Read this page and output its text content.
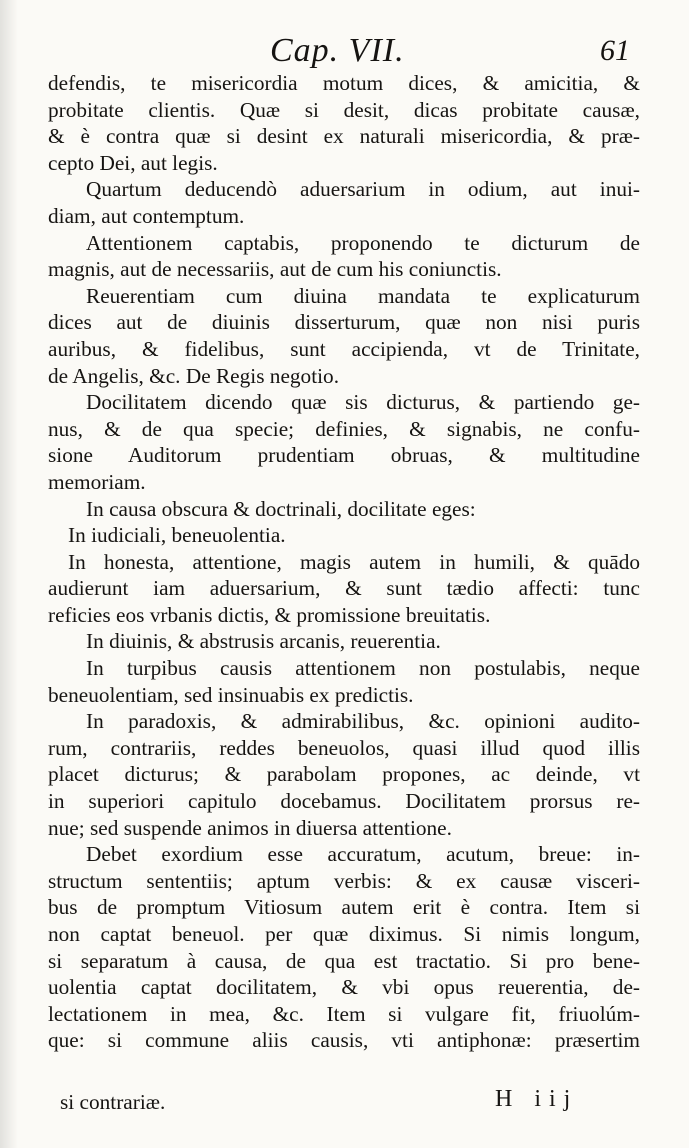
Cap. VII.	61
defendis, te misericordia motum dices, & amicitia, &
probitate clientis. Quæ si desit, dicas probitate causæ,
& è contra quæ si desint ex naturali misericordia, & præ-
cepto Dei, aut legis.
Quartum deducendò aduersarium in odium, aut inui-
diam, aut contemptum.
Attentionem captabis, proponendo te dicturum de
magnis, aut de necessariis, aut de cum his coniunctis.
Reuerentiam cum diuina mandata te explicaturum
dices aut de diuinis disserturum, quæ non nisi puris
auribus, & fidelibus, sunt accipienda, vt de Trinitate,
de Angelis, &c. De Regis negotio.
Docilitatem dicendo quæ sis dicturus, & partiendo ge-
nus, & de qua specie; definies, & signabis, ne confu-
sione Auditorum prudentiam obruas, & multitudine
memoriam.
In causa obscura & doctrinali, docilitate eges:
In iudiciali, beneuolentia.
In honesta, attentione, magis autem in humili, & quādo
audierunt iam aduersarium, & sunt tædio affecti: tunc
reficies eos vrbanis dictis, & promissione breuitatis.
In diuinis, & abstrusis arcanis, reuerentia.
In turpibus causis attentionem non postulabis, neque
beneuolentiam, sed insinuabis ex predictis.
In paradoxis, & admirabilibus, &c. opinioni audito-
rum, contrariis, reddes beneuolos, quasi illud quod illis
placet dicturus; & parabolam propones, ac deinde, vt
in superiori capitulo docebamus. Docilitatem prorsus re-
nue; sed suspende animos in diuersa attentione.
Debet exordium esse accuratum, acutum, breue: in-
structum sententiis; aptum verbis: & ex causæ visceri-
bus de promptum Vitiosum autem erit è contra. Item si
non captat beneuol. per quæ diximus. Si nimis longum,
si separatum à causa, de qua est tractatio. Si pro bene-
uolentia captat docilitatem, & vbi opus reuerentia, de-
lectationem in mea, &c. Item si vulgare fit, friuolúm-
que: si commune aliis causis, vti antiphonæ: præsertim
si contrariæ.	H iij
